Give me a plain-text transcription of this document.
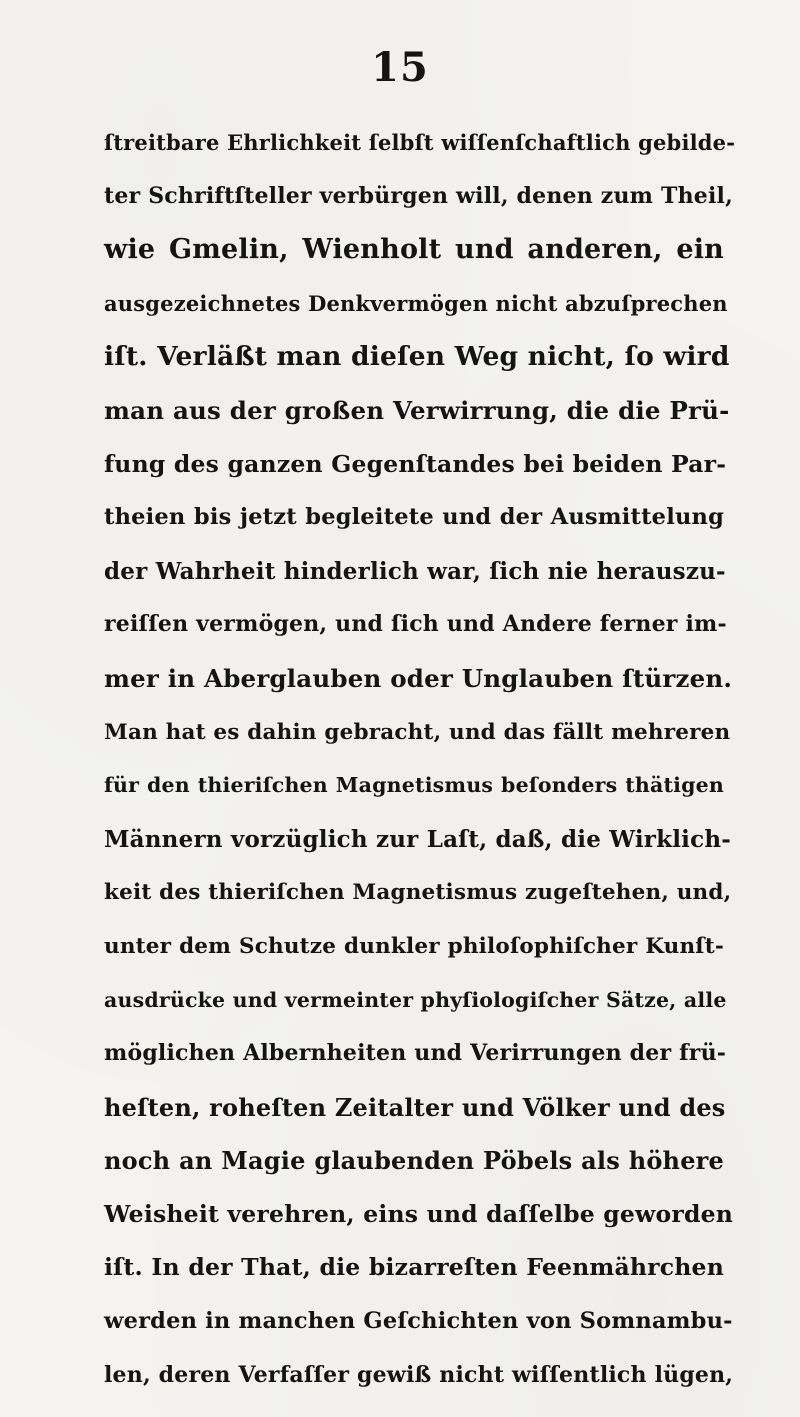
15
ſtreitbare Ehrlichkeit ſelbſt wiſſenſchaftlich gebilde-
ter Schriftſteller verbürgen will, denen zum Theil,
wie Gmelin, Wienholt und anderen, ein
ausgezeichnetes Denkvermögen nicht abzuſprechen
iſt. Verläßt man dieſen Weg nicht, ſo wird
man aus der großen Verwirrung, die die Prü-
fung des ganzen Gegenſtandes bei beiden Par-
theien bis jetzt begleitete und der Ausmittelung
der Wahrheit hinderlich war, ſich nie herauszu-
reiſſen vermögen, und ſich und Andere ferner im-
mer in Aberglauben oder Unglauben ſtürzen.
Man hat es dahin gebracht, und das fällt mehreren
für den thieriſchen Magnetismus beſonders thätigen
Männern vorzüglich zur Laſt, daß, die Wirklich-
keit des thieriſchen Magnetismus zugeſtehen, und,
unter dem Schutze dunkler philoſophiſcher Kunſt-
ausdrücke und vermeinter phyſiologiſcher Sätze, alle
möglichen Albernheiten und Verirrungen der frü-
heſten, roheſten Zeitalter und Völker und des
noch an Magie glaubenden Pöbels als höhere
Weisheit verehren, eins und daſſelbe geworden
iſt. In der That, die bizarreſten Feenmährchen
werden in manchen Geſchichten von Somnambu-
len, deren Verfaſſer gewiß nicht wiſſentlich lügen,
